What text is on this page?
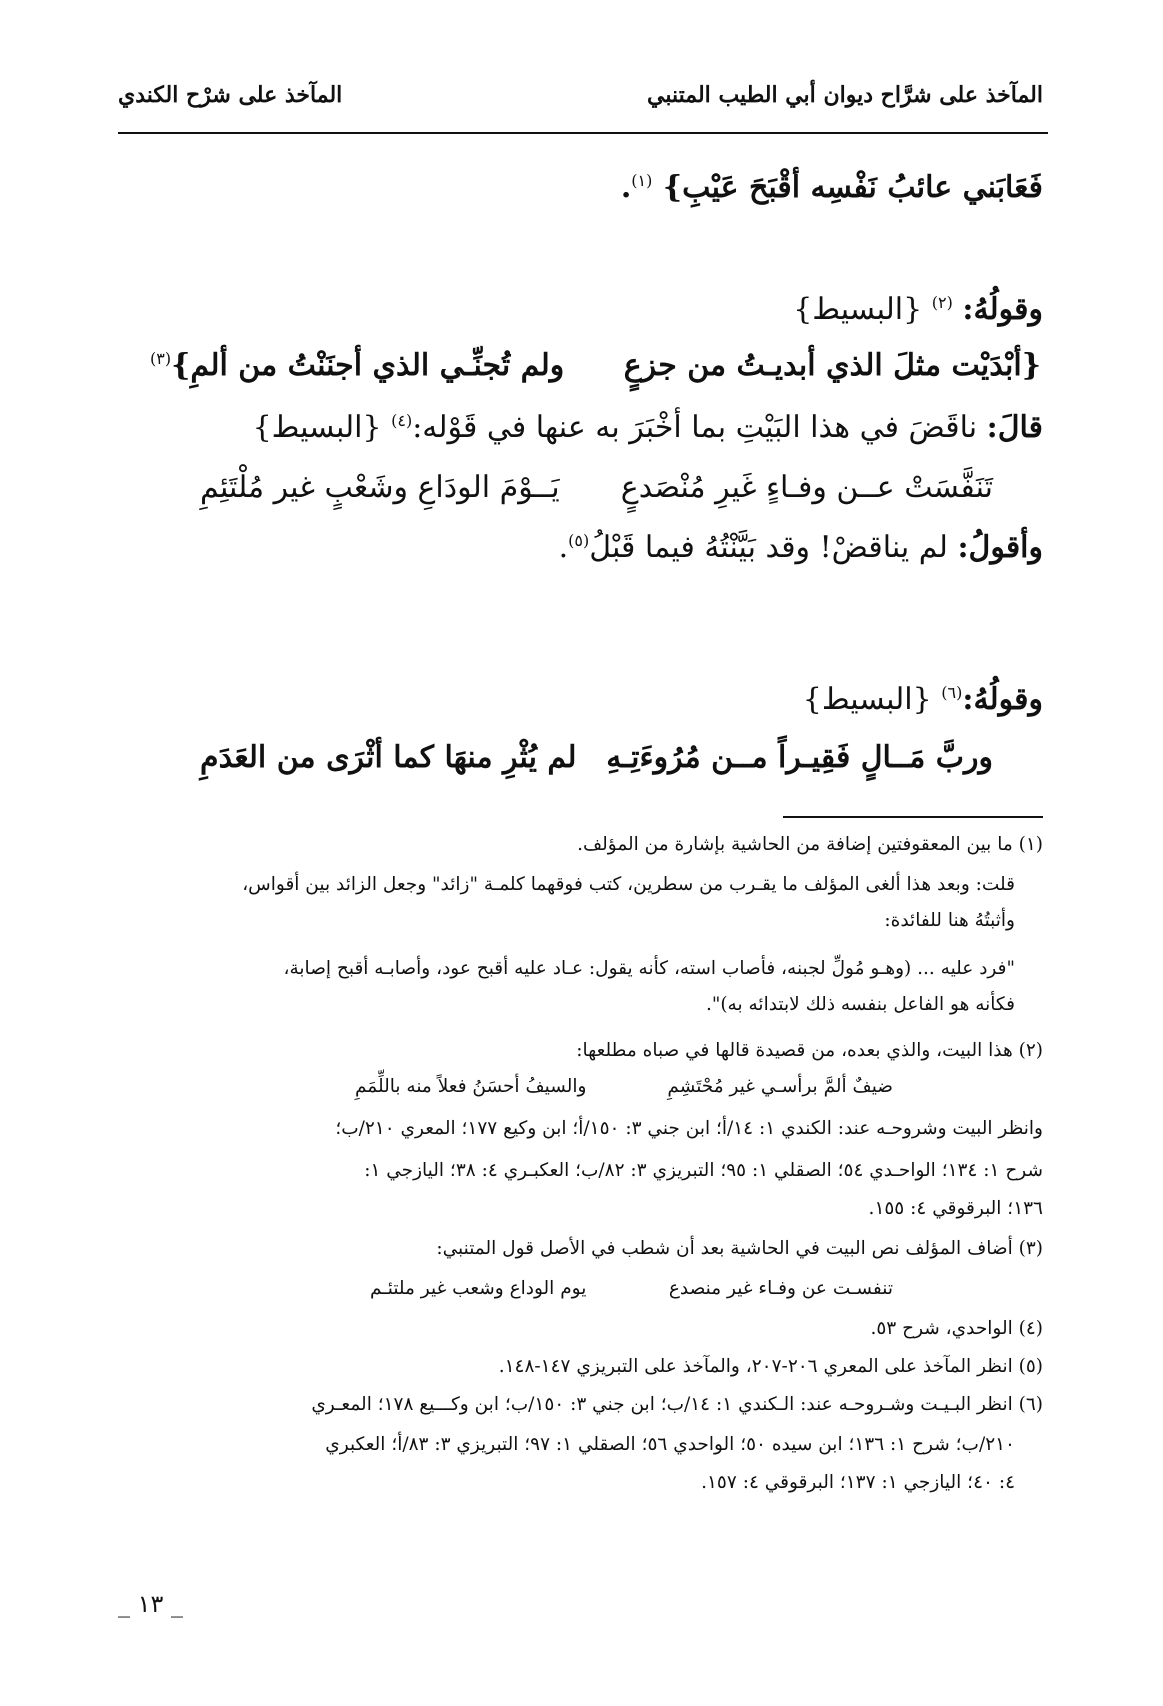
المآخذ على شرَّاح ديوان أبي الطيب المتنبي
المآخذ على شرْح الكندي
فَعَابَني عائبُ نَفْسِه أقْبَحَ عَيْبِ} $^{(١)}$.
وقولُهُ: $^{(٢)}$ {البسيط}
{أبْدَيْت مثلَ الذي أبديـتُ من جزعٍ
ولم تُجنِّـي الذي أجنَنْتُ من ألمِ}$^{(٣)}$
قالَ: ناقَضَ في هذا البَيْتِ بما أخْبَرَ به عنها في قَوْله:$^{(٤)}$ {البسيط}
تَنَفَّسَتْ عــن وفـاءٍ غَيرِ مُنْصَدعٍ
يَــوْمَ الودَاعِ وشَعْبٍ غير مُلْتَئِمِ
وأقولُ: لم يناقضْ! وقد بَيَّنْتُهُ فيما قَبْلُ$^{(٥)}$.
وقولُهُ:$^{(٦)}$ {البسيط}
وربَّ مَــالٍ فَقِيـراً مــن مُرُوءَتِـهِ
لم يُثْرِ منهَا كما أثْرَى من العَدَمِ
(١) ما بين المعقوفتين إضافة من الحاشية بإشارة من المؤلف.
قلت: وبعد هذا ألغى المؤلف ما يقـرب من سطرين، كتب فوقهما كلمـة "زائد" وجعل الزائد بين أقواس،
وأثبتُهُ هنا للفائدة:
"فرد عليه ... (وهـو مُولِّ لجبنه، فأصاب استه، كأنه يقول: عـاد عليه أقبح عود، وأصابـه أقبح إصابة،
فكأنه هو الفاعل بنفسه ذلك لابتدائه به)".
(٢) هذا البيت، والذي بعده، من قصيدة قالها في صباه مطلعها:
ضيفٌ ألمَّ برأسـي غير مُحْتَشِمِ
والسيفُ أحسَنُ فعلاً منه باللِّمَمِ
وانظر البيت وشروحـه عند: الكندي ١: ١٤/أ؛ ابن جني ٣: ١٥٠/أ؛ ابن وكيع ١٧٧؛ المعري ٢١٠/ب؛
شرح ١: ١٣٤؛ الواحـدي ٥٤؛ الصقلي ١: ٩٥؛ التبريزي ٣: ٨٢/ب؛ العكبـري ٤: ٣٨؛ اليازجي ١:
١٣٦؛ البرقوقي ٤: ١٥٥.
(٣) أضاف المؤلف نص البيت في الحاشية بعد أن شطب في الأصل قول المتنبي:
تنفسـت عن وفـاء غير منصدع
يوم الوداع وشعب غير ملتئـم
(٤) الواحدي، شرح ٥٣.
(٥) انظر المآخذ على المعري ٢٠٦-٢٠٧، والمآخذ على التبريزي ١٤٧-١٤٨.
(٦) انظر البـيـت وشـروحـه عند: الـكندي ١: ١٤/ب؛ ابن جني ٣: ١٥٠/ب؛ ابن وكـــيع ١٧٨؛ المعـري
٢١٠/ب؛ شرح ١: ١٣٦؛ ابن سيده ٥٠؛ الواحدي ٥٦؛ الصقلي ١: ٩٧؛ التبريزي ٣: ٨٣/أ؛ العكبري
٤: ٤٠؛ اليازجي ١: ١٣٧؛ البرقوقي ٤: ١٥٧.
_ ١٣ _
